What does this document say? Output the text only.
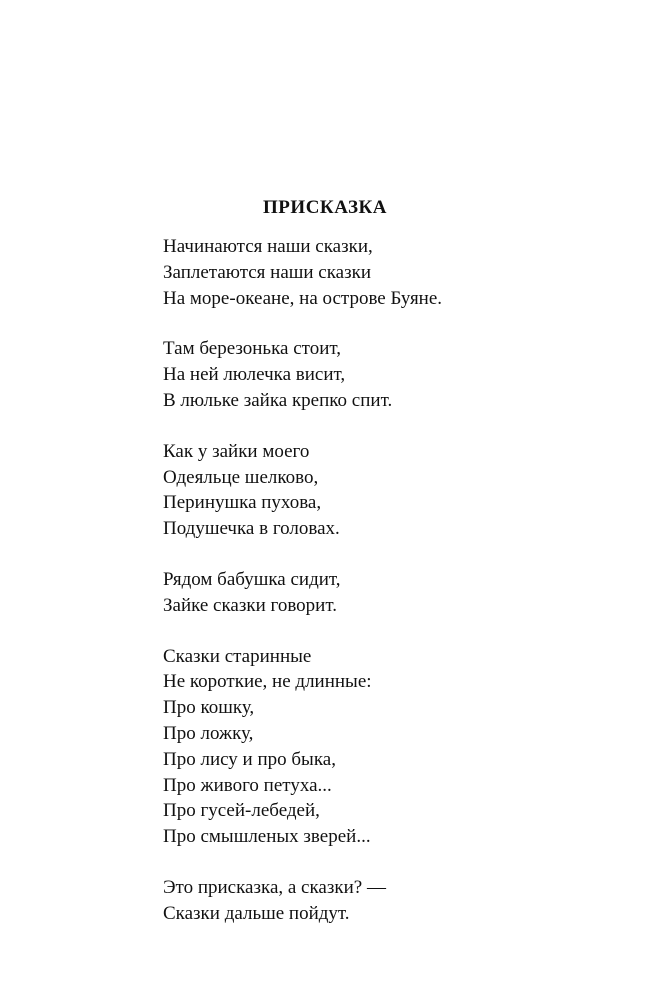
ПРИСКАЗКА
Начинаются наши сказки,
Заплетаются наши сказки
На море-океане, на острове Буяне.
Там березонька стоит,
На ней люлечка висит,
В люльке зайка крепко спит.
Как у зайки моего
Одеяльце шелково,
Перинушка пухова,
Подушечка в головах.
Рядом бабушка сидит,
Зайке сказки говорит.
Сказки старинные
Не короткие, не длинные:
Про кошку,
Про ложку,
Про лису и про быка,
Про живого петуха...
Про гусей-лебедей,
Про смышленых зверей...
Это присказка, а сказки? —
Сказки дальше пойдут.
